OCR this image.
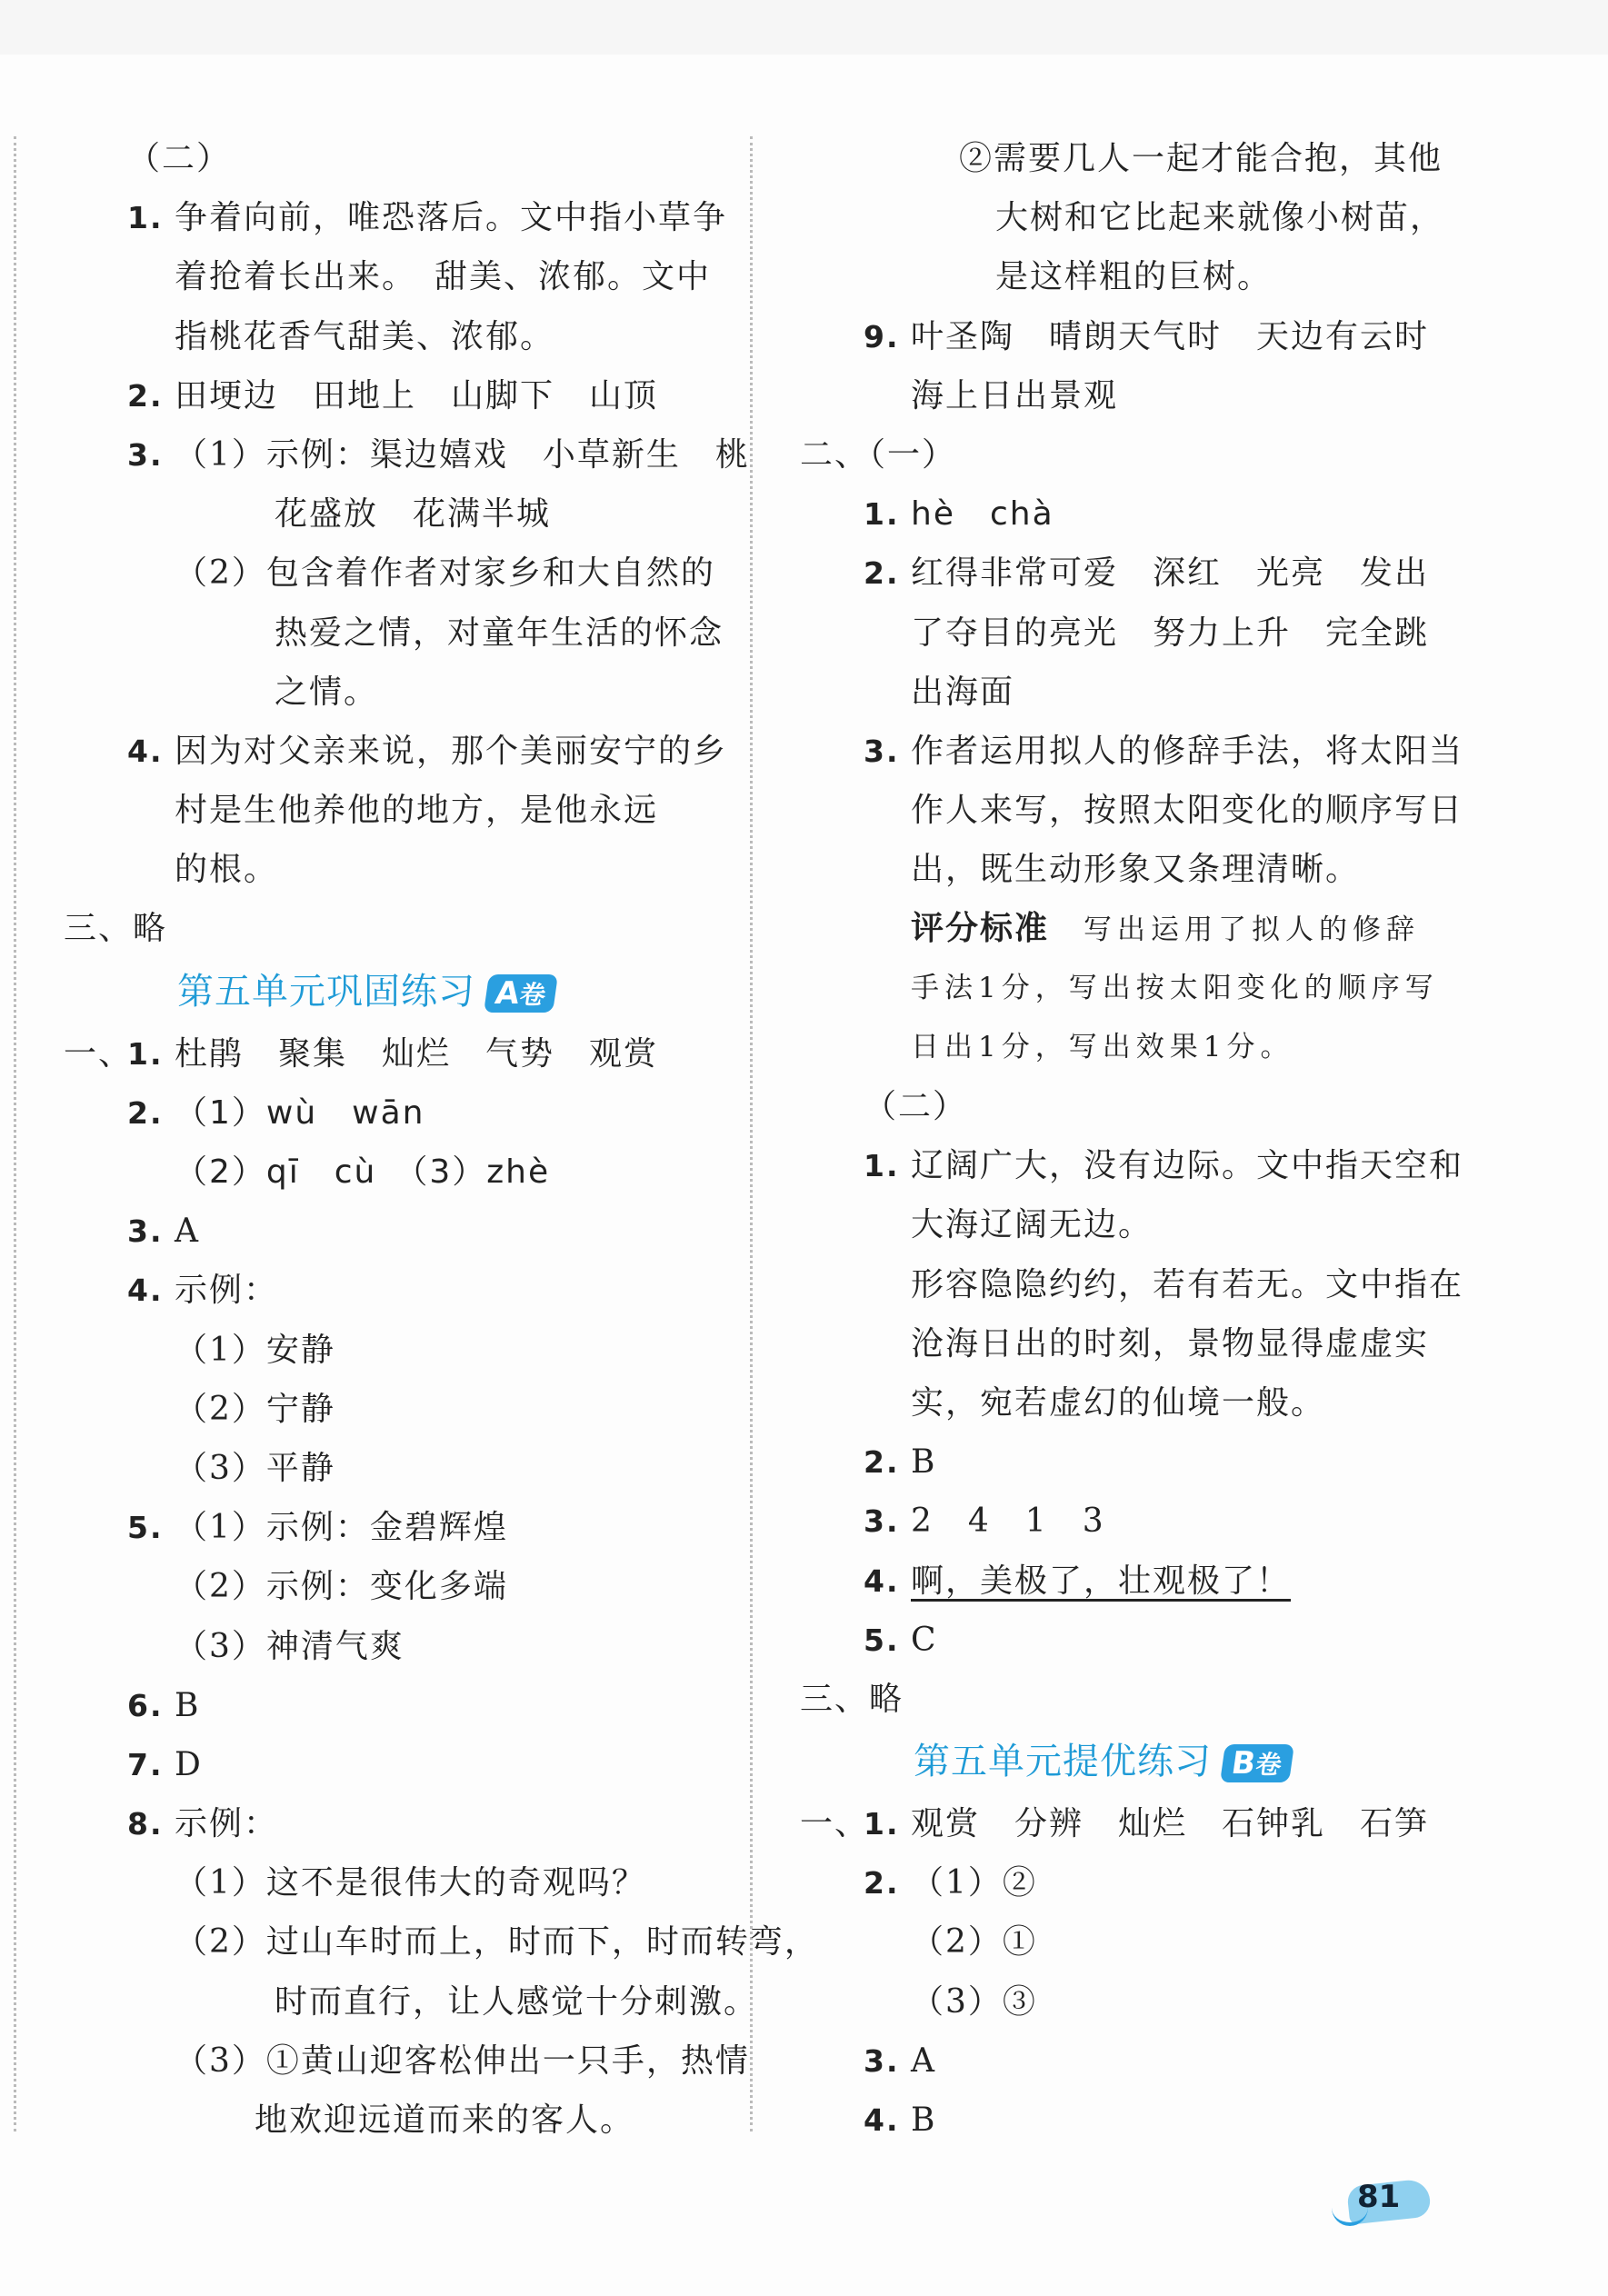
（二）
1. 争着向前，唯恐落后。文中指小草争
着抢着长出来。　甜美、浓郁。文中
指桃花香气甜美、浓郁。
2. 田埂边　田地上　山脚下　山顶
3. （1）示例：渠边嬉戏　小草新生　桃
花盛放　花满半城
（2）包含着作者对家乡和大自然的
热爱之情，对童年生活的怀念
之情。
4. 因为对父亲来说，那个美丽安宁的乡
村是生他养他的地方，是他永远
的根。
三、略
第五单元巩固练习 A卷
一、1. 杜鹃　聚集　灿烂　气势　观赏
2. （1）wù　wān
（2）qī　cù　（3）zhè
3. A
4. 示例：
（1）安静
（2）宁静
（3）平静
5. （1）示例：金碧辉煌
（2）示例：变化多端
（3）神清气爽
6. B
7. D
8. 示例：
（1）这不是很伟大的奇观吗？
（2）过山车时而上，时而下，时而转弯，
时而直行，让人感觉十分刺激。
（3）①黄山迎客松伸出一只手，热情
地欢迎远道而来的客人。
②需要几人一起才能合抱，其他
大树和它比起来就像小树苗，
是这样粗的巨树。
9. 叶圣陶　晴朗天气时　天边有云时
海上日出景观
二、（一）
1. hè　chà
2. 红得非常可爱　深红　光亮　发出
了夺目的亮光　努力上升　完全跳
出海面
3. 作者运用拟人的修辞手法，将太阳当
作人来写，按照太阳变化的顺序写日
出，既生动形象又条理清晰。
评分标准　 写出运用了拟人的修辞
手法1分，写出按太阳变化的顺序写
日出1分，写出效果1分。
（二）
1. 辽阔广大，没有边际。文中指天空和
大海辽阔无边。
形容隐隐约约，若有若无。文中指在
沧海日出的时刻，景物显得虚虚实
实，宛若虚幻的仙境一般。
2. B
3. 2　4　1　3
4. 啊，美极了，壮观极了！
5. C
三、略
第五单元提优练习 B卷
一、1. 观赏　分辨　灿烂　石钟乳　石笋
2. （1）②
（2）①
（3）③
3. A
4. B
81
